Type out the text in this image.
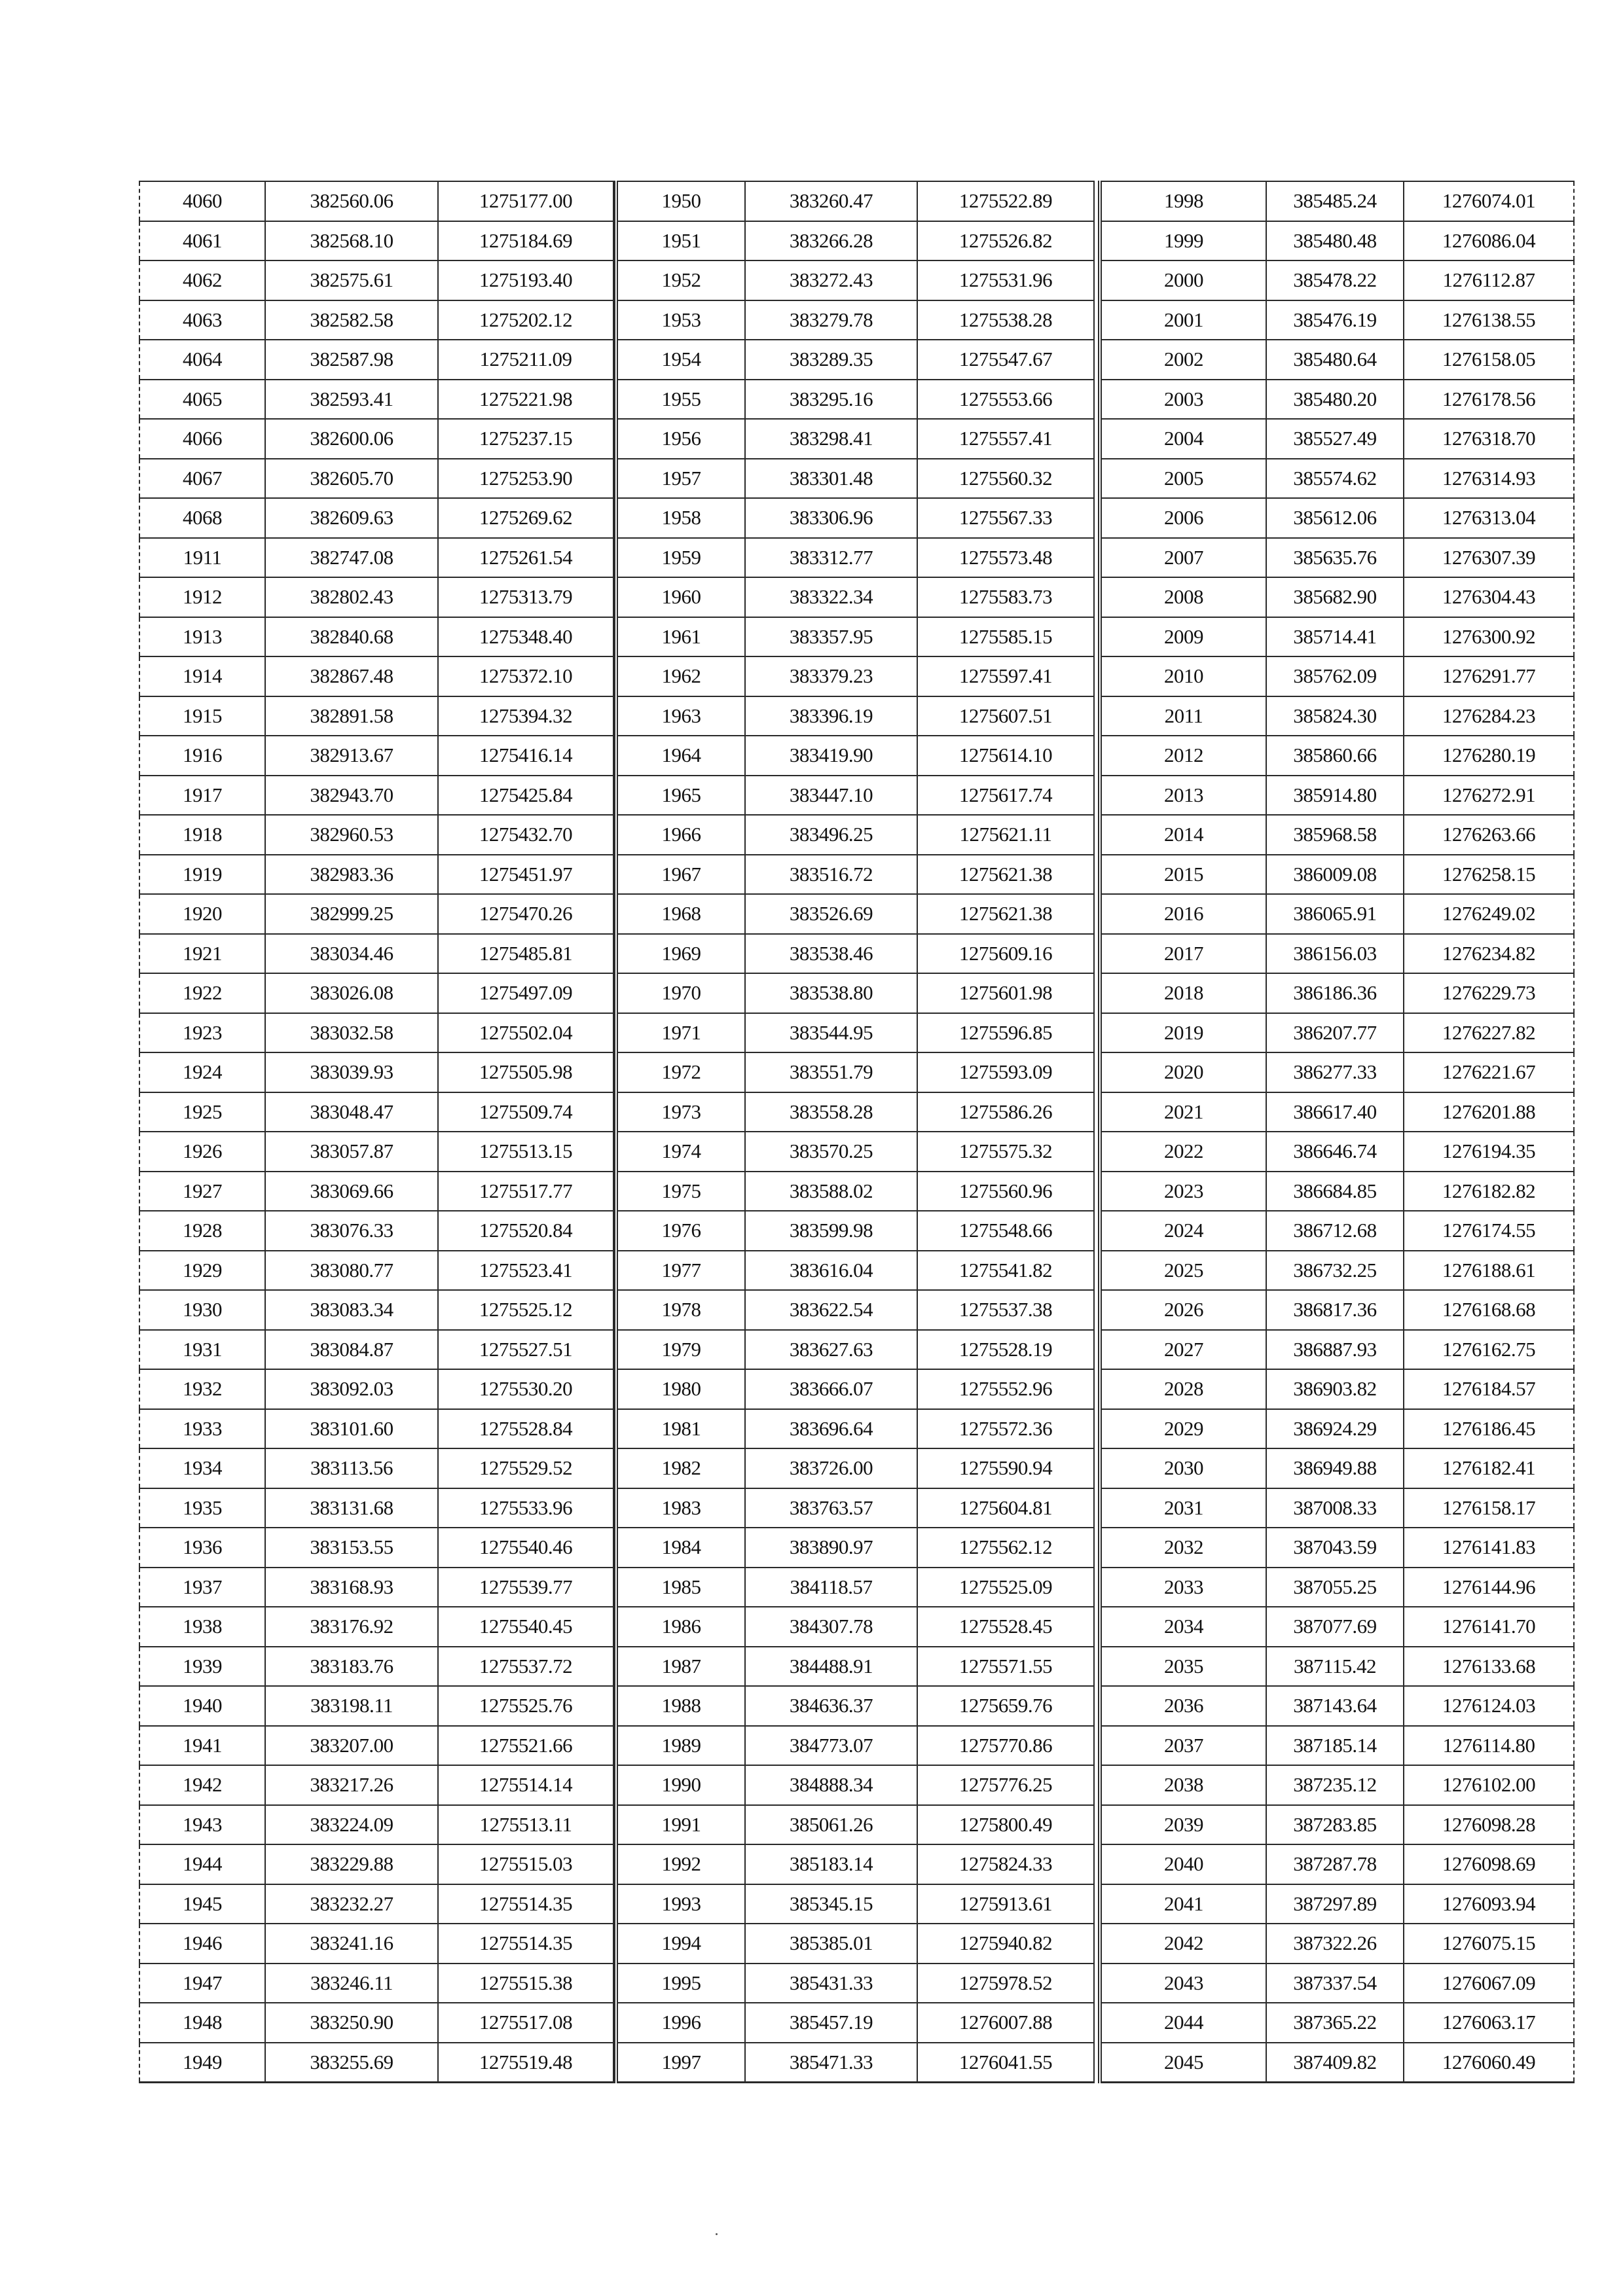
4060	382560.06	1275177.00
4061	382568.10	1275184.69
4062	382575.61	1275193.40
4063	382582.58	1275202.12
4064	382587.98	1275211.09
4065	382593.41	1275221.98
4066	382600.06	1275237.15
4067	382605.70	1275253.90
4068	382609.63	1275269.62
1911	382747.08	1275261.54
1912	382802.43	1275313.79
1913	382840.68	1275348.40
1914	382867.48	1275372.10
1915	382891.58	1275394.32
1916	382913.67	1275416.14
1917	382943.70	1275425.84
1918	382960.53	1275432.70
1919	382983.36	1275451.97
1920	382999.25	1275470.26
1921	383034.46	1275485.81
1922	383026.08	1275497.09
1923	383032.58	1275502.04
1924	383039.93	1275505.98
1925	383048.47	1275509.74
1926	383057.87	1275513.15
1927	383069.66	1275517.77
1928	383076.33	1275520.84
1929	383080.77	1275523.41
1930	383083.34	1275525.12
1931	383084.87	1275527.51
1932	383092.03	1275530.20
1933	383101.60	1275528.84
1934	383113.56	1275529.52
1935	383131.68	1275533.96
1936	383153.55	1275540.46
1937	383168.93	1275539.77
1938	383176.92	1275540.45
1939	383183.76	1275537.72
1940	383198.11	1275525.76
1941	383207.00	1275521.66
1942	383217.26	1275514.14
1943	383224.09	1275513.11
1944	383229.88	1275515.03
1945	383232.27	1275514.35
1946	383241.16	1275514.35
1947	383246.11	1275515.38
1948	383250.90	1275517.08
1949	383255.69	1275519.48
1950	383260.47	1275522.89
1951	383266.28	1275526.82
1952	383272.43	1275531.96
1953	383279.78	1275538.28
1954	383289.35	1275547.67
1955	383295.16	1275553.66
1956	383298.41	1275557.41
1957	383301.48	1275560.32
1958	383306.96	1275567.33
1959	383312.77	1275573.48
1960	383322.34	1275583.73
1961	383357.95	1275585.15
1962	383379.23	1275597.41
1963	383396.19	1275607.51
1964	383419.90	1275614.10
1965	383447.10	1275617.74
1966	383496.25	1275621.11
1967	383516.72	1275621.38
1968	383526.69	1275621.38
1969	383538.46	1275609.16
1970	383538.80	1275601.98
1971	383544.95	1275596.85
1972	383551.79	1275593.09
1973	383558.28	1275586.26
1974	383570.25	1275575.32
1975	383588.02	1275560.96
1976	383599.98	1275548.66
1977	383616.04	1275541.82
1978	383622.54	1275537.38
1979	383627.63	1275528.19
1980	383666.07	1275552.96
1981	383696.64	1275572.36
1982	383726.00	1275590.94
1983	383763.57	1275604.81
1984	383890.97	1275562.12
1985	384118.57	1275525.09
1986	384307.78	1275528.45
1987	384488.91	1275571.55
1988	384636.37	1275659.76
1989	384773.07	1275770.86
1990	384888.34	1275776.25
1991	385061.26	1275800.49
1992	385183.14	1275824.33
1993	385345.15	1275913.61
1994	385385.01	1275940.82
1995	385431.33	1275978.52
1996	385457.19	1276007.88
1997	385471.33	1276041.55
1998	385485.24	1276074.01
1999	385480.48	1276086.04
2000	385478.22	1276112.87
2001	385476.19	1276138.55
2002	385480.64	1276158.05
2003	385480.20	1276178.56
2004	385527.49	1276318.70
2005	385574.62	1276314.93
2006	385612.06	1276313.04
2007	385635.76	1276307.39
2008	385682.90	1276304.43
2009	385714.41	1276300.92
2010	385762.09	1276291.77
2011	385824.30	1276284.23
2012	385860.66	1276280.19
2013	385914.80	1276272.91
2014	385968.58	1276263.66
2015	386009.08	1276258.15
2016	386065.91	1276249.02
2017	386156.03	1276234.82
2018	386186.36	1276229.73
2019	386207.77	1276227.82
2020	386277.33	1276221.67
2021	386617.40	1276201.88
2022	386646.74	1276194.35
2023	386684.85	1276182.82
2024	386712.68	1276174.55
2025	386732.25	1276188.61
2026	386817.36	1276168.68
2027	386887.93	1276162.75
2028	386903.82	1276184.57
2029	386924.29	1276186.45
2030	386949.88	1276182.41
2031	387008.33	1276158.17
2032	387043.59	1276141.83
2033	387055.25	1276144.96
2034	387077.69	1276141.70
2035	387115.42	1276133.68
2036	387143.64	1276124.03
2037	387185.14	1276114.80
2038	387235.12	1276102.00
2039	387283.85	1276098.28
2040	387287.78	1276098.69
2041	387297.89	1276093.94
2042	387322.26	1276075.15
2043	387337.54	1276067.09
2044	387365.22	1276063.17
2045	387409.82	1276060.49
